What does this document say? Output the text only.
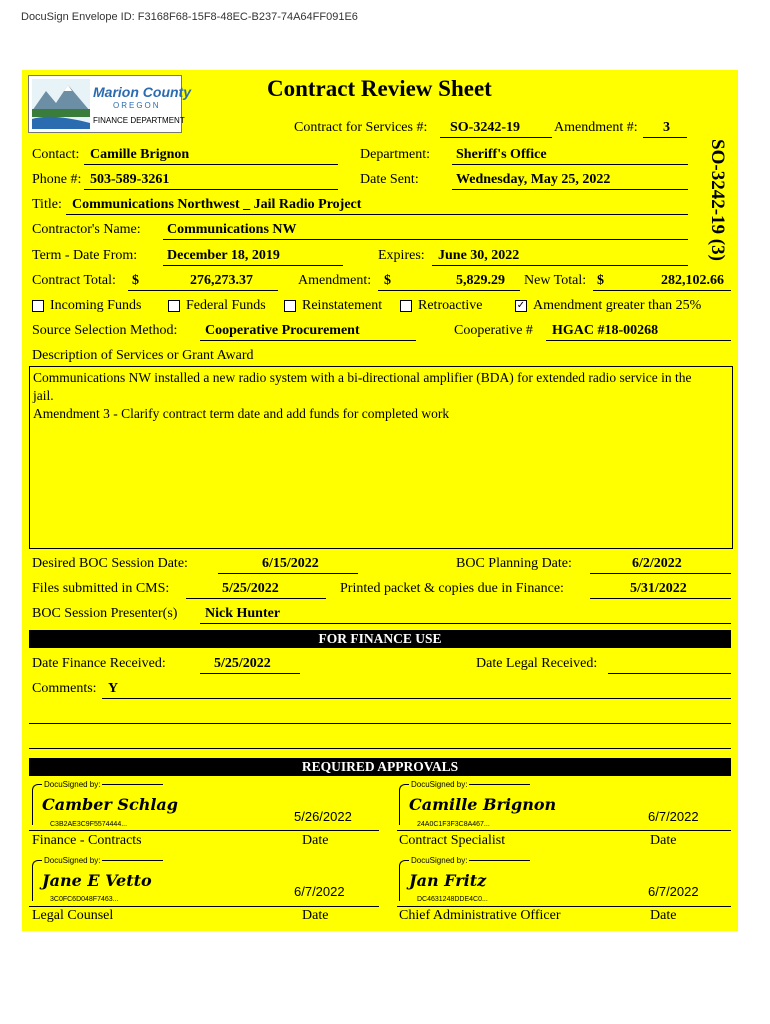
DocuSign Envelope ID: F3168F68-15F8-48EC-B237-74A64FF091E6
Marion County
OREGON
FINANCE DEPARTMENT
Contract Review Sheet
SO-3242-19 (3)
Contract for Services #: SO-3242-19 Amendment #: 3
Contact: Camille Brignon	Department: Sheriff's Office
Phone #: 503-589-3261	Date Sent:	Wednesday, May 25, 2022
Title: Communications Northwest _ Jail Radio Project
Contractor's Name: Communications NW
Term - Date From: December 18, 2019	Expires: June 30, 2022
Contract Total: $	276,273.37	Amendment: $	5,829.29 New Total: $	282,102.66
Incoming Funds	Federal Funds	Reinstatement	Retroactive	✓ Amendment greater than 25%
Source Selection Method: Cooperative Procurement	Cooperative # HGAC #18-00268
Description of Services or Grant Award
Communications NW installed a new radio system with a bi-directional amplifier (BDA) for extended radio service in the
jail.
Amendment 3 - Clarify contract term date and add funds for completed work
Desired BOC Session Date:	6/15/2022	BOC Planning Date:	6/2/2022
Files submitted in CMS:	5/25/2022	Printed packet & copies due in Finance:	5/31/2022
BOC Session Presenter(s) Nick Hunter
FOR FINANCE USE
Date Finance Received:	5/25/2022	Date Legal Received:
Comments: Y
REQUIRED APPROVALS
DocuSigned by:
Camber Schlag
C3B2AE3C9F5574444...
5/26/2022
Finance - Contracts	Date
DocuSigned by:
Camille Brignon
24A0C1F3F3C8A467...
6/7/2022
Contract Specialist	Date
DocuSigned by:
Jane E Vetto
3C0FC6D048F7463...
6/7/2022
Legal Counsel	Date
DocuSigned by:
Jan Fritz
DC4631248DDE4C0...
6/7/2022
Chief Administrative Officer	Date
